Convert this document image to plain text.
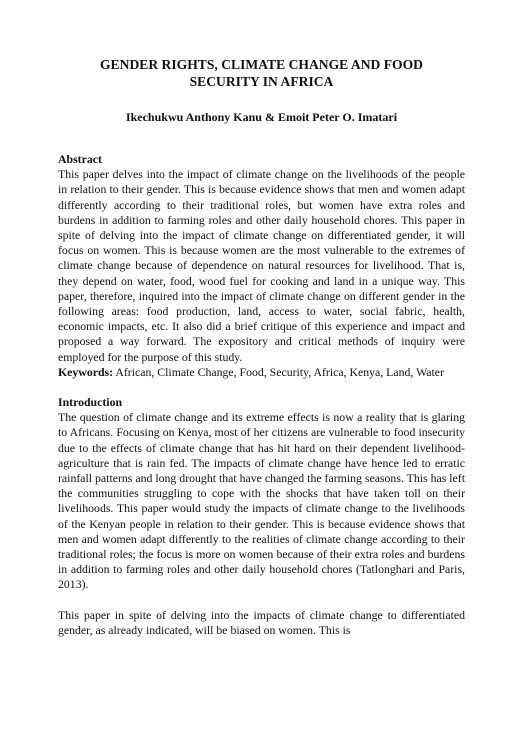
GENDER RIGHTS, CLIMATE CHANGE AND FOOD
SECURITY IN AFRICA

Ikechukwu Anthony Kanu & Emoit Peter O. Imatari

Abstract

This paper delves into the impact of climate change on the livelihoods of the people in relation to their gender. This is because evidence shows that men and women adapt differently according to their traditional roles, but women have extra roles and burdens in addition to farming roles and other daily household chores. This paper in spite of delving into the impact of climate change on differentiated gender, it will focus on women. This is because women are the most vulnerable to the extremes of climate change because of dependence on natural resources for livelihood. That is, they depend on water, food, wood fuel for cooking and land in a unique way. This paper, therefore, inquired into the impact of climate change on different gender in the following areas: food production, land, access to water, social fabric, health, economic impacts, etc. It also did a brief critique of this experience and impact and proposed a way forward. The expository and critical methods of inquiry were employed for the purpose of this study.

Keywords: African, Climate Change, Food, Security, Africa, Kenya, Land, Water

Introduction

The question of climate change and its extreme effects is now a reality that is glaring to Africans. Focusing on Kenya, most of her citizens are vulnerable to food insecurity due to the effects of climate change that has hit hard on their dependent livelihood- agriculture that is rain fed. The impacts of climate change have hence led to erratic rainfall patterns and long drought that have changed the farming seasons. This has left the communities struggling to cope with the shocks that have taken toll on their livelihoods. This paper would study the impacts of climate change to the livelihoods of the Kenyan people in relation to their gender. This is because evidence shows that men and women adapt differently to the realities of climate change according to their traditional roles; the focus is more on women because of their extra roles and burdens in addition to farming roles and other daily household chores (Tatlonghari and Paris, 2013).

This paper in spite of delving into the impacts of climate change to differentiated gender, as already indicated, will be biased on women. This is
